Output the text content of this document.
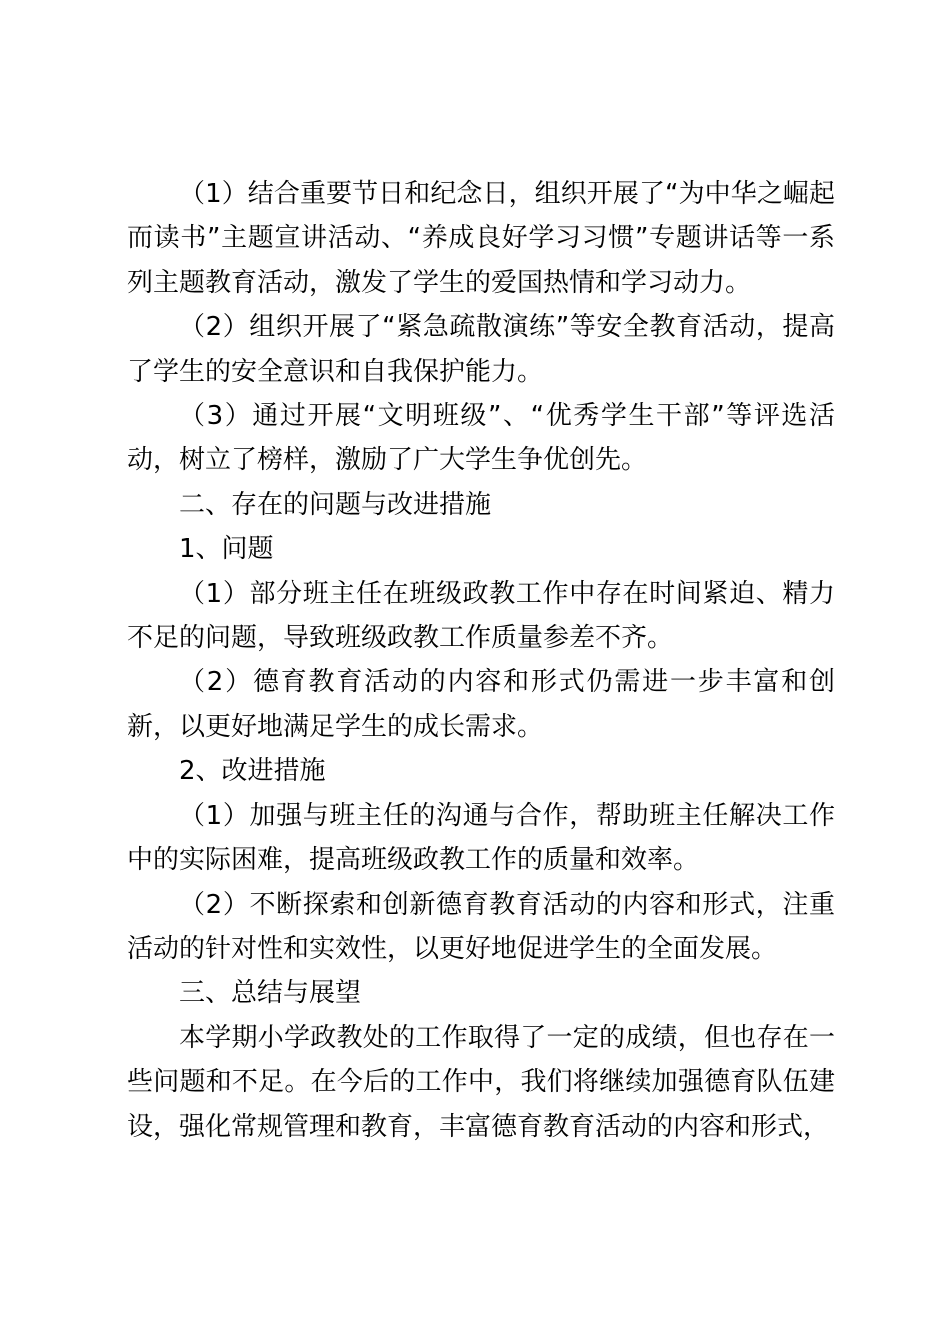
（1）结合重要节日和纪念日，组织开展了“为中华之崛起而读书”主题宣讲活动、“养成良好学习习惯”专题讲话等一系列主题教育活动，激发了学生的爱国热情和学习动力。

（2）组织开展了“紧急疏散演练”等安全教育活动，提高了学生的安全意识和自我保护能力。

（3）通过开展“文明班级”、“优秀学生干部”等评选活动，树立了榜样，激励了广大学生争优创先。

二、存在的问题与改进措施

1、问题

（1）部分班主任在班级政教工作中存在时间紧迫、精力不足的问题，导致班级政教工作质量参差不齐。

（2）德育教育活动的内容和形式仍需进一步丰富和创新，以更好地满足学生的成长需求。

2、改进措施

（1）加强与班主任的沟通与合作，帮助班主任解决工作中的实际困难，提高班级政教工作的质量和效率。

（2）不断探索和创新德育教育活动的内容和形式，注重活动的针对性和实效性，以更好地促进学生的全面发展。

三、总结与展望

本学期小学政教处的工作取得了一定的成绩，但也存在一些问题和不足。在今后的工作中，我们将继续加强德育队伍建设，强化常规管理和教育，丰富德育教育活动的内容和形式，
